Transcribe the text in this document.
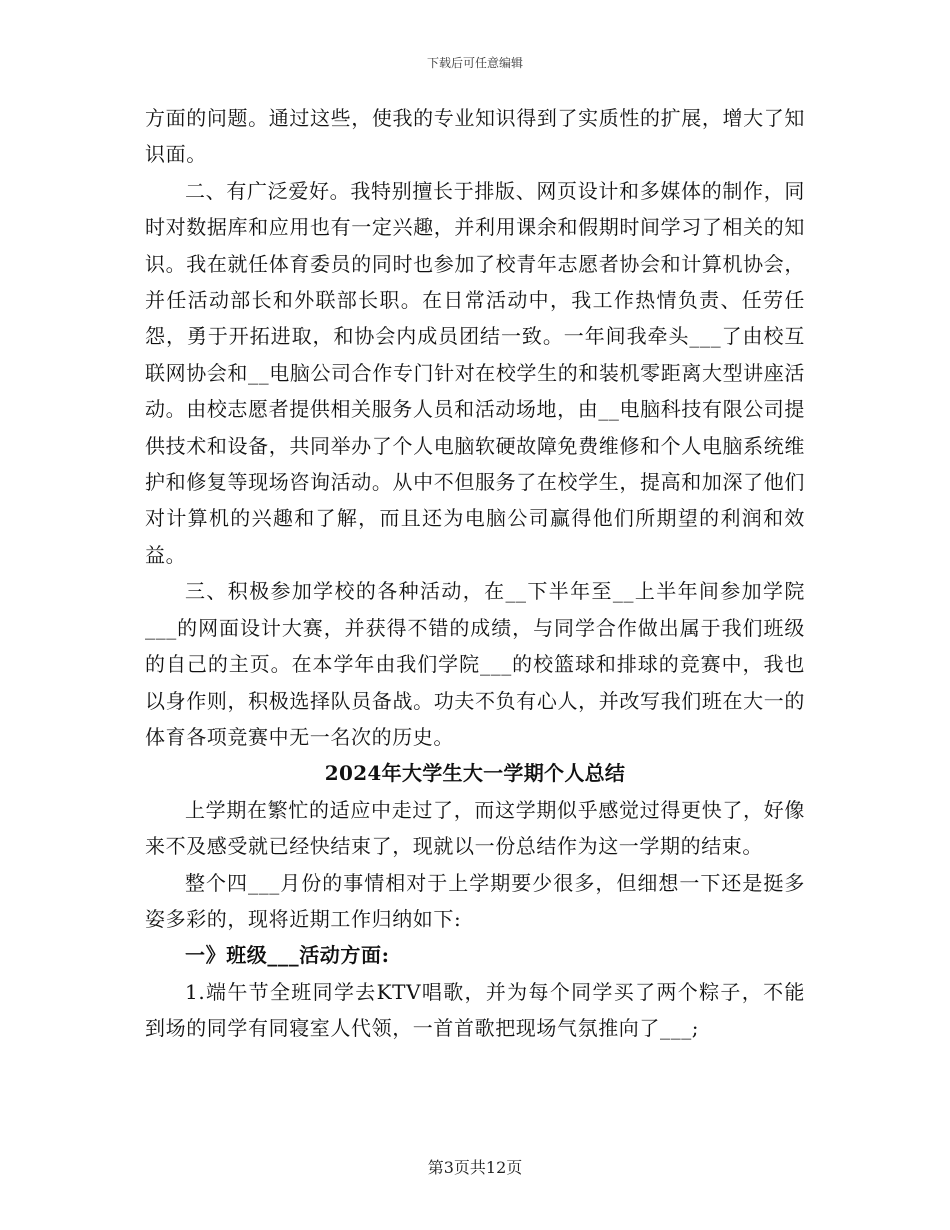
下载后可任意编辑

方面的问题。通过这些，使我的专业知识得到了实质性的扩展，增大了知识面。

二、有广泛爱好。我特别擅长于排版、网页设计和多媒体的制作，同时对数据库和应用也有一定兴趣，并利用课余和假期时间学习了相关的知识。我在就任体育委员的同时也参加了校青年志愿者协会和计算机协会，并任活动部长和外联部长职。在日常活动中，我工作热情负责、任劳任怨，勇于开拓进取，和协会内成员团结一致。一年间我牵头___了由校互联网协会和__电脑公司合作专门针对在校学生的和装机零距离大型讲座活动。由校志愿者提供相关服务人员和活动场地，由__电脑科技有限公司提供技术和设备，共同举办了个人电脑软硬故障免费维修和个人电脑系统维护和修复等现场咨询活动。从中不但服务了在校学生，提高和加深了他们对计算机的兴趣和了解，而且还为电脑公司赢得他们所期望的利润和效益。

三、积极参加学校的各种活动，在__下半年至__上半年间参加学院___的网面设计大赛，并获得不错的成绩，与同学合作做出属于我们班级的自己的主页。在本学年由我们学院___的校篮球和排球的竞赛中，我也以身作则，积极选择队员备战。功夫不负有心人，并改写我们班在大一的体育各项竞赛中无一名次的历史。

2024年大学生大一学期个人总结

上学期在繁忙的适应中走过了，而这学期似乎感觉过得更快了，好像来不及感受就已经快结束了，现就以一份总结作为这一学期的结束。

整个四___月份的事情相对于上学期要少很多，但细想一下还是挺多姿多彩的，现将近期工作归纳如下:

一》班级___活动方面:

1.端午节全班同学去KTV唱歌，并为每个同学买了两个粽子，不能到场的同学有同寝室人代领，一首首歌把现场气氛推向了___;

第3页共12页
